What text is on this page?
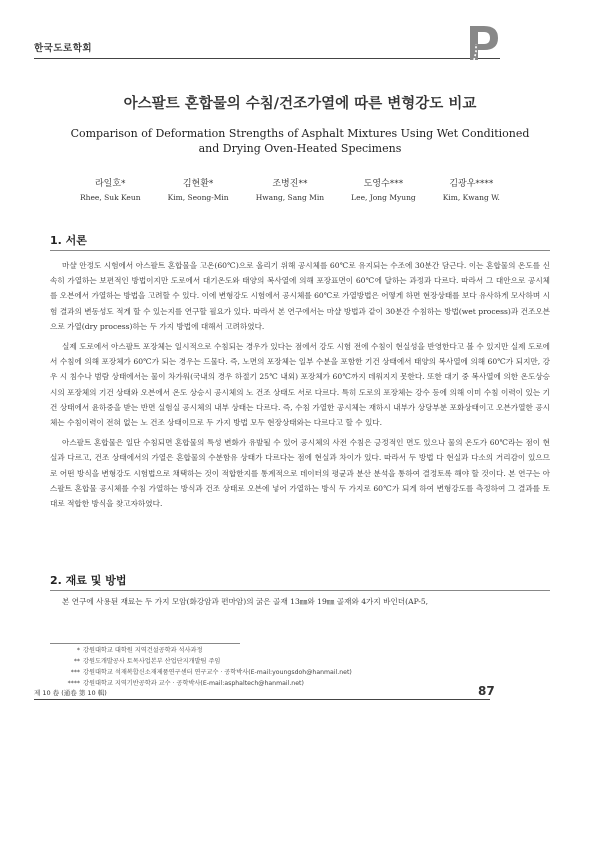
한국도로학회
아스팔트 혼합물의 수침/건조가열에 따른 변형강도 비교
Comparison of Deformation Strengths of Asphalt Mixtures Using Wet Conditioned
and Drying Oven-Heated Specimens
라일호*
Rhee, Suk Keun
김현환*
Kim, Seong-Min
조병진**
Hwang, Sang Min
도영수***
Lee, Jong Myung
김광우****
Kim, Kwang W.
1. 서론

마샬 안정도 시험에서 아스팔트 혼합물을 고온(60℃)으로 올리기 위해 공시체를 60℃로 유지되는 수조에 30분간 담근다. 이는 혼합물의 온도를 신속히 가열하는 보편적인 방법이지만 도로에서 대기온도와 태양의 복사열에 의해 포장표면이 60℃에 달하는 과정과 다르다. 따라서 그 대안으로 공시체를 오븐에서 가열하는 방법을 고려할 수 있다. 이에 변형강도 시험에서 공시체를 60℃로 가열방법은 어떻게 하면 현장상태를 보다 유사하게 모사하며 시험 결과의 변동성도 적게 할 수 있는지를 연구할 필요가 있다. 따라서 본 연구에서는 마샬 방법과 같이 30분간 수침하는 방법(wet process)과 건조오븐으로 가열(dry process)하는 두 가지 방법에 대해서 고려하였다.

실제 도로에서 아스팔트 포장체는 일시적으로 수침되는 경우가 있다는 점에서 강도 시험 전에 수침이 현실성을 반영한다고 볼 수 있지만 실제 도로에서 수침에 의해 포장체가 60℃가 되는 경우는 드물다. 즉, 노면의 포장체는 일부 수분을 포함한 기건 상태에서 태양의 복사열에 의해 60℃가 되지만, 강우 시 침수나 범람 상태에서는 물이 차가워(국내의 경우 하절기 25℃ 내외) 포장체가 60℃까지 데워지지 못한다. 또한 대기 중 복사열에 의한 온도상승시의 포장체의 기건 상태와 오븐에서 온도 상승시 공시체의 노 건조 상태도 서로 다르다. 특히 도로의 포장체는 강수 등에 의해 이미 수침 이력이 있는 기건 상태에서 윤하중을 받는 반면 실험실 공시체의 내부 상태는 다르다. 즉, 수침 가열한 공시체는 재하시 내부가 상당부분 포화상태이고 오븐가열한 공시체는 수침이력이 전혀 없는 노 건조 상태이므로 두 가지 방법 모두 현장상태와는 다르다고 할 수 있다.

아스팔트 혼합물은 일단 수침되면 혼합물의 특성 변화가 유발될 수 있어 공시체의 사전 수침은 긍정적인 면도 있으나 물의 온도가 60℃라는 점이 현실과 다르고, 건조 상태에서의 가열은 혼합물의 수분함유 상태가 다르다는 점에 현실과 차이가 있다. 따라서 두 방법 다 현실과 다소의 거리감이 있으므로 어떤 방식을 변형강도 시험법으로 채택하는 것이 적합한지를 통계적으로 데이터의 평균과 분산 분석을 통하여 결정토록 해야 할 것이다. 본 연구는 아스팔트 혼합물 공시체를 수침 가열하는 방식과 건조 상태로 오븐에 넣어 가열하는 방식 두 가지로 60℃가 되게 하여 변형강도를 측정하여 그 결과를 토대로 적합한 방식을 찾고자하였다.

2. 재료 및 방법

본 연구에 사용된 재료는 두 가지 모암(화강암과 편마암)의 굵은 골재 13㎜와 19㎜ 골재와 4가지 바인더(AP-5,

* 강원대학교 대학원 지역건설공학과 석사과정
** 강원도개발공사 토목사업본부 산업단지개발팀 주임
*** 강원대학교 석재복합신소재제품연구센터 연구교수 · 공학박사(E-mail:youngsdoh@hanmail.net)
**** 강원대학교 지역기반공학과 교수 · 공학박사(E-mail:asphaltech@hanmail.net)
제 10 卷 (通卷 第 10 輯)	87
